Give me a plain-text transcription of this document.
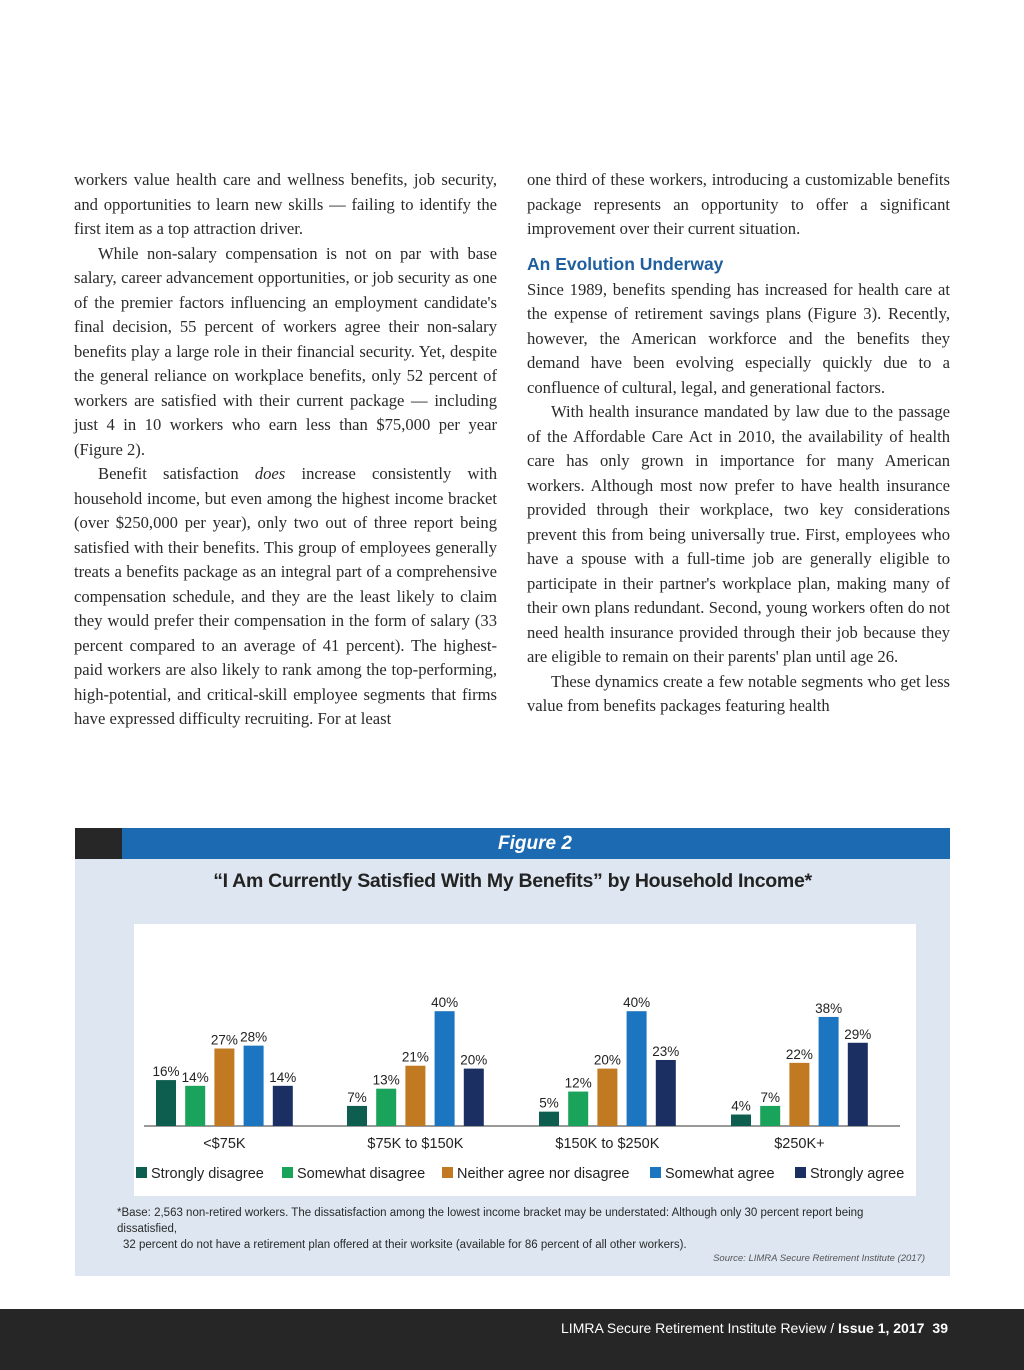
workers value health care and wellness benefits, job security, and opportunities to learn new skills — failing to identify the first item as a top attraction driver.

While non-salary compensation is not on par with base salary, career advancement opportunities, or job security as one of the premier factors influencing an employment candidate's final decision, 55 percent of workers agree their non-salary benefits play a large role in their financial security. Yet, despite the general reliance on workplace benefits, only 52 percent of workers are satisfied with their current package — including just 4 in 10 workers who earn less than $75,000 per year (Figure 2).

Benefit satisfaction does increase consistently with household income, but even among the highest income bracket (over $250,000 per year), only two out of three report being satisfied with their benefits. This group of employees generally treats a benefits package as an integral part of a comprehensive compensation schedule, and they are the least likely to claim they would prefer their compensation in the form of salary (33 percent compared to an average of 41 percent). The highest-paid workers are also likely to rank among the top-performing, high-potential, and critical-skill employee segments that firms have expressed difficulty recruiting. For at least

one third of these workers, introducing a customizable benefits package represents an opportunity to offer a significant improvement over their current situation.

An Evolution Underway

Since 1989, benefits spending has increased for health care at the expense of retirement savings plans (Figure 3). Recently, however, the American workforce and the benefits they demand have been evolving especially quickly due to a confluence of cultural, legal, and generational factors.

With health insurance mandated by law due to the passage of the Affordable Care Act in 2010, the availability of health care has only grown in importance for many American workers. Although most now prefer to have health insurance provided through their workplace, two key considerations prevent this from being universally true. First, employees who have a spouse with a full-time job are generally eligible to participate in their partner's workplace plan, making many of their own plans redundant. Second, young workers often do not need health insurance provided through their job because they are eligible to remain on their parents' plan until age 26.

These dynamics create a few notable segments who get less value from benefits packages featuring health

Figure 2
“I Am Currently Satisfied With My Benefits” by Household Income*
16% 14%
27% 28%
14%
<$75K
7%
13%
21%
40%
20%
$75K to $150K
5%
12%
20%
40%
23%
$150K to $250K
4%
7%
22%
38%
29%
$250K+
Strongly disagree Somewhat disagree Neither agree nor disagree Somewhat agree Strongly agree
*Base: 2,563 non-retired workers. The dissatisfaction among the lowest income bracket may be understated: Although only 30 percent report being dissatisfied,
32 percent do not have a retirement plan offered at their worksite (available for 86 percent of all other workers).
Source: LIMRA Secure Retirement Institute (2017)
LIMRA Secure Retirement Institute Review / Issue 1, 2017 39
